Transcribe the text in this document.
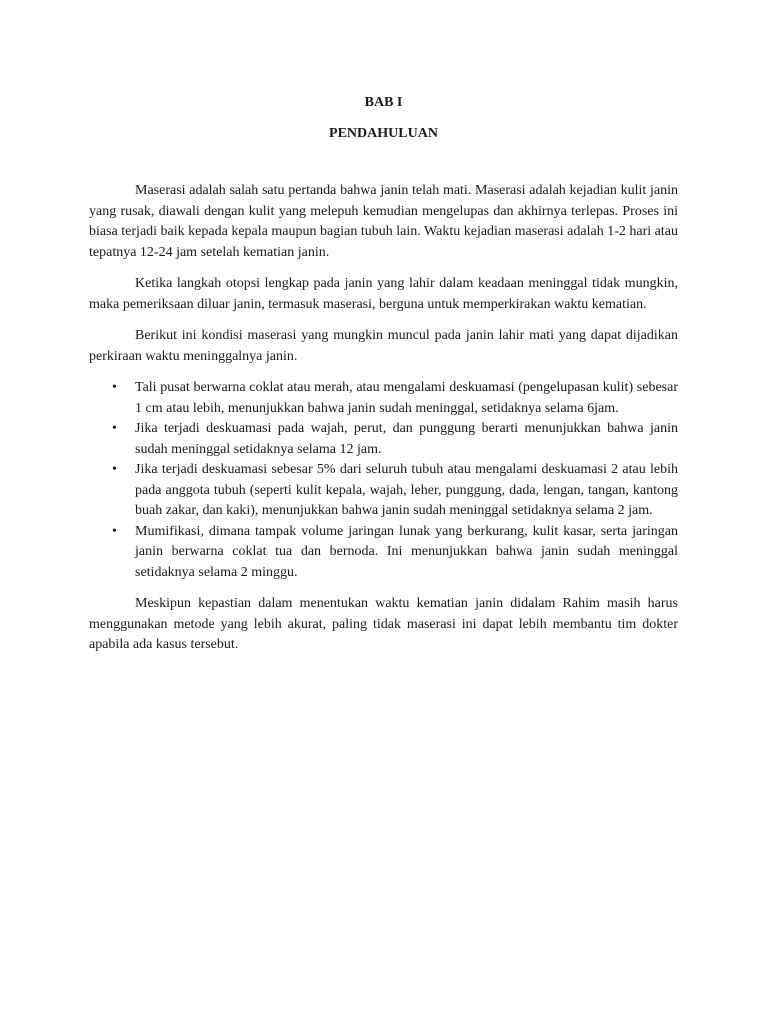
BAB I

PENDAHULUAN

Maserasi adalah salah satu pertanda bahwa janin telah mati. Maserasi adalah kejadian kulit janin yang rusak, diawali dengan kulit yang melepuh kemudian mengelupas dan akhirnya terlepas. Proses ini biasa terjadi baik kepada kepala maupun bagian tubuh lain. Waktu kejadian maserasi adalah 1-2 hari atau tepatnya 12-24 jam setelah kematian janin.

Ketika langkah otopsi lengkap pada janin yang lahir dalam keadaan meninggal tidak mungkin, maka pemeriksaan diluar janin, termasuk maserasi, berguna untuk memperkirakan waktu kematian.

Berikut ini kondisi maserasi yang mungkin muncul pada janin lahir mati yang dapat dijadikan perkiraan waktu meninggalnya janin.

• Tali pusat berwarna coklat atau merah, atau mengalami deskuamasi (pengelupasan kulit) sebesar 1 cm atau lebih, menunjukkan bahwa janin sudah meninggal, setidaknya selama 6jam.
• Jika terjadi deskuamasi pada wajah, perut, dan punggung berarti menunjukkan bahwa janin sudah meninggal setidaknya selama 12 jam.
• Jika terjadi deskuamasi sebesar 5% dari seluruh tubuh atau mengalami deskuamasi 2 atau lebih pada anggota tubuh (seperti kulit kepala, wajah, leher, punggung, dada, lengan, tangan, kantong buah zakar, dan kaki), menunjukkan bahwa janin sudah meninggal setidaknya selama 2 jam.
• Mumifikasi, dimana tampak volume jaringan lunak yang berkurang, kulit kasar, serta jaringan janin berwarna coklat tua dan bernoda. Ini menunjukkan bahwa janin sudah meninggal setidaknya selama 2 minggu.

Meskipun kepastian dalam menentukan waktu kematian janin didalam Rahim masih harus menggunakan metode yang lebih akurat, paling tidak maserasi ini dapat lebih membantu tim dokter apabila ada kasus tersebut.
